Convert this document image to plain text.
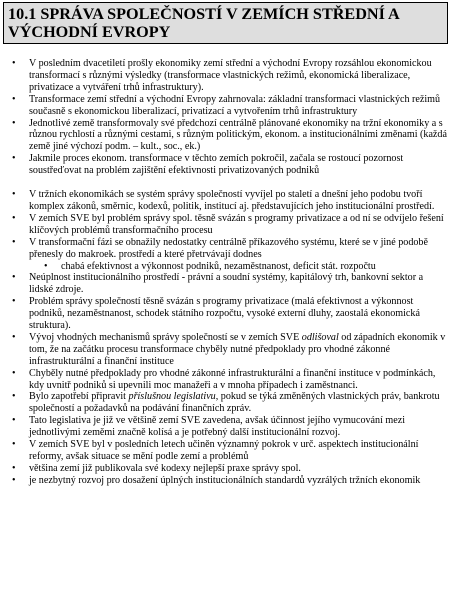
10.1 SPRÁVA SPOLEČNOSTÍ V ZEMÍCH STŘEDNÍ A VÝCHODNÍ EVROPY
• V posledním dvacetiletí prošly ekonomiky zemí střední a východní Evropy rozsáhlou ekonomickou transformací s různými výsledky (transformace vlastnických režimů, ekonomická liberalizace, privatizace a vytváření trhů infrastruktury).
• Transformace zemí střední a východní Evropy zahrnovala: základní transformaci vlastnických režimů současně s ekonomickou liberalizací, privatizací a vytvořením trhů infrastruktury
• Jednotlivé země transformovaly své předchozí centrálně plánované ekonomiky na tržní ekonomiky a s různou rychlostí a různými cestami, s různým politickým, ekonom. a institucionálními změnami (každá země jiné výchozí podm. – kult., soc., ek.)
• Jakmile proces ekonom. transformace v těchto zemích pokročil, začala se rostoucí pozornost soustřeďovat na problém zajištění efektivnosti privatizovaných podniků
• V tržních ekonomikách se systém správy společností vyvíjel po staletí a dnešní jeho podobu tvoří komplex zákonů, směrnic, kodexů, politik, institucí aj. představujících jeho institucionální prostředí.
• V zemích SVE byl problém správy spol. těsně svázán s programy privatizace a od ní se odvíjelo řešení klíčových problémů transformačního procesu
• V transformační fázi se obnažily nedostatky centrálně příkazového systému, které se v jiné podobě přenesly do makroek. prostředí a které přetrvávají dodnes
• chabá efektivnost a výkonnost podniků, nezaměstnanost, deficit stát. rozpočtu
• Neúplnost institucionálního prostředí - právní a soudní systémy, kapitálový trh, bankovní sektor a lidské zdroje.
• Problém správy společností těsně svázán s programy privatizace (malá efektivnost a výkonnost podniků, nezaměstnanost, schodek státního rozpočtu, vysoké externí dluhy, zaostalá ekonomická struktura).
• Vývoj vhodných mechanismů správy společností se v zemích SVE odlišoval od západních ekonomik v tom, že na začátku procesu transformace chyběly nutné předpoklady pro vhodné zákonné infrastrukturální a finanční instituce
• Chyběly nutné předpoklady pro vhodné zákonné infrastrukturální a finanční instituce v podmínkách, kdy uvnitř podniků si upevnili moc manažeři a v mnoha případech i zaměstnanci.
• Bylo zapotřebí připravit příslušnou legislativu, pokud se týká změněných vlastnických práv, bankrotu společností a požadavků na podávání finančních zpráv.
• Tato legislativa je již ve většině zemí SVE zavedena, avšak účinnost jejího vymucování mezi jednotlivými zeměmi značně kolísá a je potřebný další institucionální rozvoj.
• V zemích SVE byl v posledních letech učiněn významný pokrok v urč. aspektech institucionální reformy, avšak situace se mění podle zemí a problémů
• většina zemí již publikovala své kodexy nejlepší praxe správy spol.
• je nezbytný rozvoj pro dosažení úplných institucionálních standardů vyzrálých tržních ekonomik
